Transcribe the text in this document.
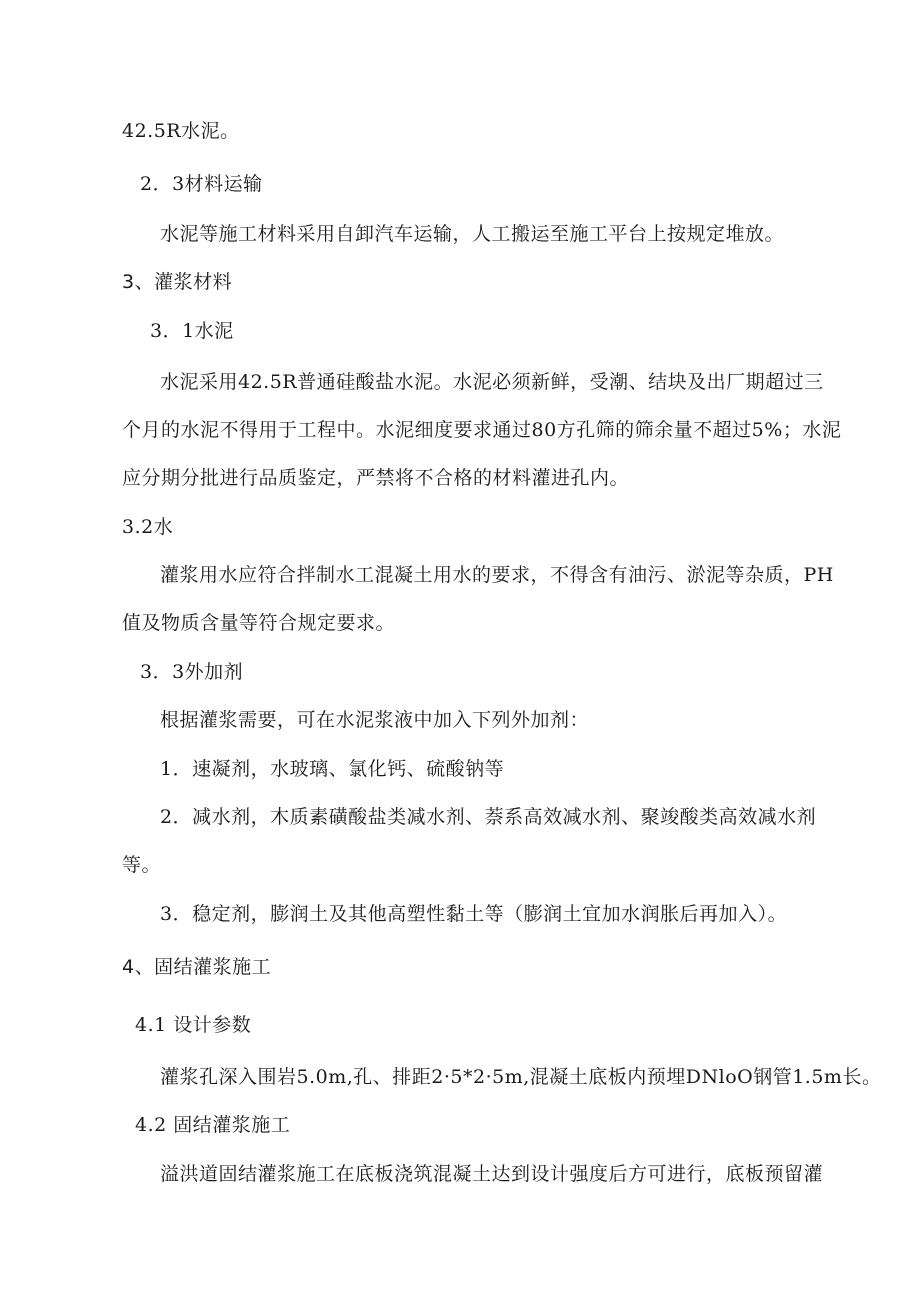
42.5R水泥。
2．3材料运输
水泥等施工材料采用自卸汽车运输，人工搬运至施工平台上按规定堆放。
3、灌浆材料
3．1水泥
水泥采用42.5R普通硅酸盐水泥。水泥必须新鲜，受潮、结块及出厂期超过三
个月的水泥不得用于工程中。水泥细度要求通过80方孔筛的筛余量不超过5%；水泥
应分期分批进行品质鉴定，严禁将不合格的材料灌进孔内。
3.2水
灌浆用水应符合拌制水工混凝土用水的要求，不得含有油污、淤泥等杂质，PH
值及物质含量等符合规定要求。
3．3外加剂
根据灌浆需要，可在水泥浆液中加入下列外加剂：
1．速凝剂，水玻璃、氯化钙、硫酸钠等
2．减水剂，木质素磺酸盐类减水剂、萘系高效减水剂、聚竣酸类高效减水剂
等。
3．稳定剂，膨润土及其他高塑性黏土等（膨润土宜加水润胀后再加入）。
4、固结灌浆施工
4.1 设计参数
灌浆孔深入围岩5.0m,孔、排距2·5*2·5m,混凝土底板内预埋DNloO钢管1.5m长。
4.2 固结灌浆施工
溢洪道固结灌浆施工在底板浇筑混凝土达到设计强度后方可进行，底板预留灌
